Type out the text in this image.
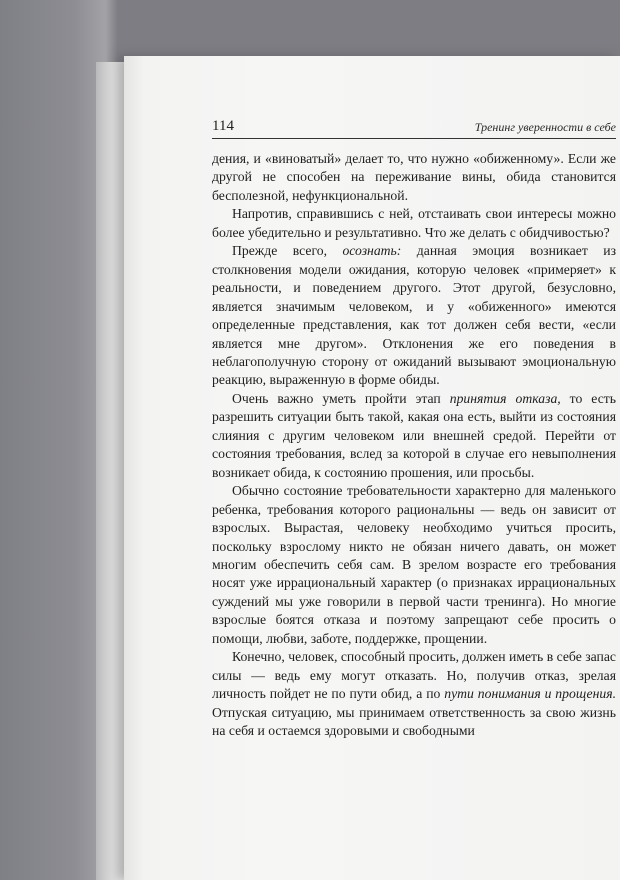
114	Тренинг уверенности в себе

дения, и «виноватый» делает то, что нужно «обиженному». Если же другой не способен на переживание вины, обида становится бесполезной, нефункциональной.

Напротив, справившись с ней, отстаивать свои интересы можно более убедительно и результативно. Что же делать с обидчивостью?

Прежде всего, осознать: данная эмоция возникает из столкновения модели ожидания, которую человек «примеряет» к реальности, и поведением другого. Этот другой, безусловно, является значимым человеком, и у «обиженного» имеются определенные представления, как тот должен себя вести, «если является мне другом». Отклонения же его поведения в неблагополучную сторону от ожиданий вызывают эмоциональную реакцию, выраженную в форме обиды.

Очень важно уметь пройти этап принятия отказа, то есть разрешить ситуации быть такой, какая она есть, выйти из состояния слияния с другим человеком или внешней средой. Перейти от состояния требования, вслед за которой в случае его невыполнения возникает обида, к состоянию прошения, или просьбы.

Обычно состояние требовательности характерно для маленького ребенка, требования которого рациональны — ведь он зависит от взрослых. Вырастая, человеку необходимо учиться просить, поскольку взрослому никто не обязан ничего давать, он может многим обеспечить себя сам. В зрелом возрасте его требования носят уже иррациональный характер (о признаках иррациональных суждений мы уже говорили в первой части тренинга). Но многие взрослые боятся отказа и поэтому запрещают себе просить о помощи, любви, заботе, поддержке, прощении.

Конечно, человек, способный просить, должен иметь в себе запас силы — ведь ему могут отказать. Но, получив отказ, зрелая личность пойдет не по пути обид, а по пути понимания и прощения. Отпуская ситуацию, мы принимаем ответственность за свою жизнь на себя и остаемся здоровыми и свободными
